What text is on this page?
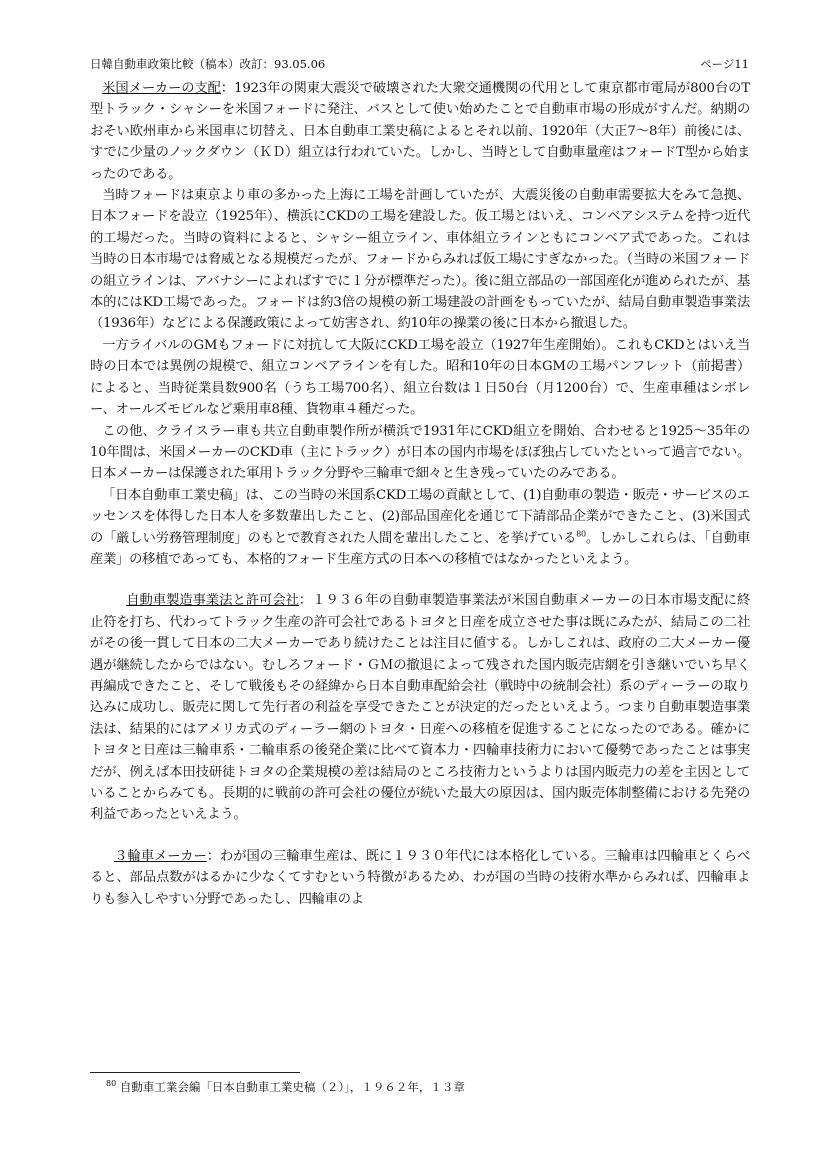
日韓自動車政策比較（稿本）改訂：93.05.06	ページ11

米国メーカーの支配：1923年の関東大震災で破壊された大衆交通機関の代用として東京都市電局が800台のT型トラック・シャシーを米国フォードに発注、バスとして使い始めたことで自動車市場の形成がすんだ。納期のおそい欧州車から米国車に切替え、日本自動車工業史稿によるとそれ以前、1920年（大正7～8年）前後には、すでに少量のノックダウン（ＫＤ）組立は行われていた。しかし、当時として自動車量産はフォードT型から始まったのである。

当時フォードは東京より車の多かった上海に工場を計画していたが、大震災後の自動車需要拡大をみて急拠、日本フォードを設立（1925年）、横浜にCKDの工場を建設した。仮工場とはいえ、コンベアシステムを持つ近代的工場だった。当時の資料によると、シャシー組立ライン、車体組立ラインともにコンベア式であった。これは当時の日本市場では脅威となる規模だったが、フォードからみれば仮工場にすぎなかった。（当時の米国フォードの組立ラインは、アバナシーによればすでに１分が標準だった）。後に組立部品の一部国産化が進められたが、基本的にはKD工場であった。フォードは約3倍の規模の新工場建設の計画をもっていたが、結局自動車製造事業法（1936年）などによる保護政策によって妨害され、約10年の操業の後に日本から撤退した。

一方ライバルのGMもフォードに対抗して大阪にCKD工場を設立（1927年生産開始）。これもCKDとはいえ当時の日本では異例の規模で、組立コンベアラインを有した。昭和10年の日本GMの工場パンフレット（前掲書）によると、当時従業員数900名（うち工場700名）、組立台数は１日50台（月1200台）で、生産車種はシボレー、オールズモビルなど乗用車8種、貨物車４種だった。

この他、クライスラー車も共立自動車製作所が横浜で1931年にCKD組立を開始、合わせると1925～35年の10年間は、米国メーカーのCKD車（主にトラック）が日本の国内市場をほぼ独占していたといって過言でない。日本メーカーは保護された軍用トラック分野や三輪車で細々と生き残っていたのみである。

「日本自動車工業史稿」は、この当時の米国系CKD工場の貢献として、(1)自動車の製造・販売・サービスのエッセンスを体得した日本人を多数輩出したこと、(2)部品国産化を通じて下請部品企業ができたこと、(3)米国式の「厳しい労務管理制度」のもとで教育された人間を輩出したこと、を挙げている$^{80}$。しかしこれらは、「自動車産業」の移植であっても、本格的フォード生産方式の日本への移植ではなかったといえよう。

自動車製造事業法と許可会社：１９３６年の自動車製造事業法が米国自動車メーカーの日本市場支配に終止符を打ち、代わってトラック生産の許可会社であるトヨタと日産を成立させた事は既にみたが、結局この二社がその後一貫して日本の二大メーカーであり続けたことは注目に値する。しかしこれは、政府の二大メーカー優遇が継続したからではない。むしろフォード・ＧＭの撤退によって残された国内販売店網を引き継いでいち早く再編成できたこと、そして戦後もその経緯から日本自動車配給会社（戦時中の統制会社）系のディーラーの取り込みに成功し、販売に関して先行者の利益を享受できたことが決定的だったといえよう。つまり自動車製造事業法は、結果的にはアメリカ式のディーラー網のトヨタ・日産への移植を促進することになったのである。確かにトヨタと日産は三輪車系・二輪車系の後発企業に比べて資本力・四輪車技術力において優勢であったことは事実だが、例えば本田技研徒トヨタの企業規模の差は結局のところ技術力というよりは国内販売力の差を主因としていることからみても。長期的に戦前の許可会社の優位が続いた最大の原因は、国内販売体制整備における先発の利益であったといえよう。

３輪車メーカー：わが国の三輪車生産は、既に１９３０年代には本格化している。三輪車は四輪車とくらべると、部品点数がはるかに少なくてすむという特徴があるため、わが国の当時の技術水準からみれば、四輪車よりも参入しやすい分野であったし、四輪車のよ

$^{80}$ 自動車工業会編「日本自動車工業史稿（２）」，１９６２年，１３章
